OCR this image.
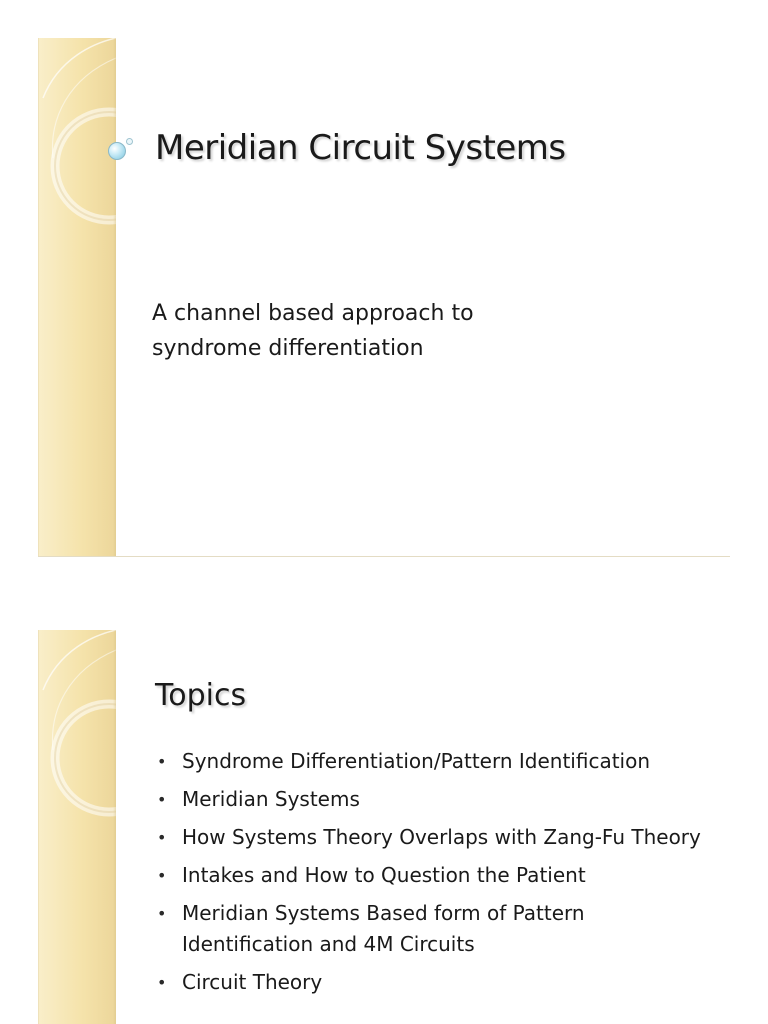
Meridian Circuit Systems

A channel based approach to
syndrome differentiation

Topics
• Syndrome Differentiation/Pattern Identification
• Meridian Systems
• How Systems Theory Overlaps with Zang-Fu Theory
• Intakes and How to Question the Patient
• Meridian Systems Based form of Pattern Identification and 4M Circuits
• Circuit Theory
